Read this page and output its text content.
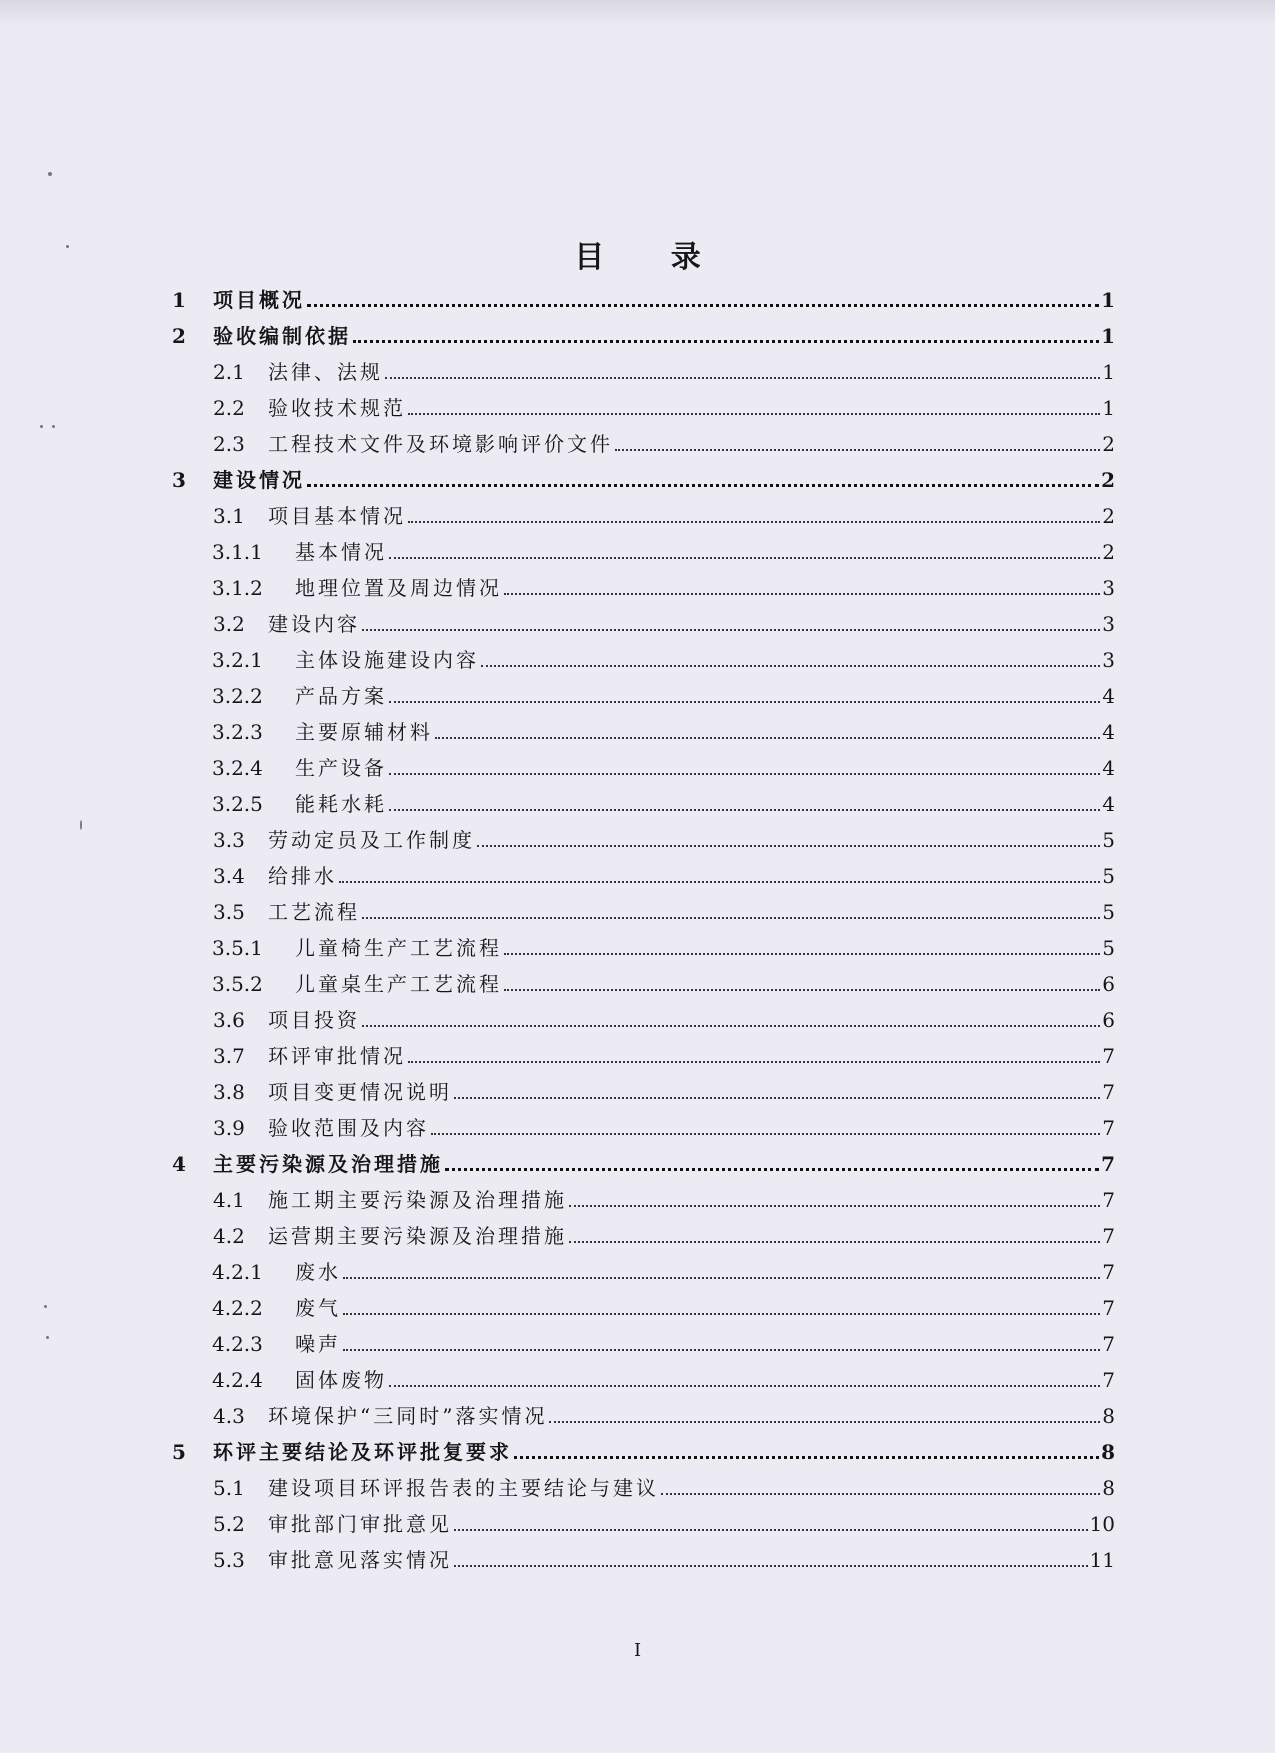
目 录
1 项目概况	1
2 验收编制依据	1
2.1 法律、法规	1
2.2 验收技术规范	1
2.3 工程技术文件及环境影响评价文件	2
3 建设情况	2
3.1 项目基本情况	2
3.1.1 基本情况	2
3.1.2 地理位置及周边情况	3
3.2 建设内容	3
3.2.1 主体设施建设内容	3
3.2.2 产品方案	4
3.2.3 主要原辅材料	4
3.2.4 生产设备	4
3.2.5 能耗水耗	4
3.3 劳动定员及工作制度	5
3.4 给排水	5
3.5 工艺流程	5
3.5.1 儿童椅生产工艺流程	5
3.5.2 儿童桌生产工艺流程	6
3.6 项目投资	6
3.7 环评审批情况	7
3.8 项目变更情况说明	7
3.9 验收范围及内容	7
4 主要污染源及治理措施	7
4.1 施工期主要污染源及治理措施	7
4.2 运营期主要污染源及治理措施	7
4.2.1 废水	7
4.2.2 废气	7
4.2.3 噪声	7
4.2.4 固体废物	7
4.3 环境保护“三同时”落实情况	8
5 环评主要结论及环评批复要求	8
5.1 建设项目环评报告表的主要结论与建议	8
5.2 审批部门审批意见	10
5.3 审批意见落实情况	11
I
